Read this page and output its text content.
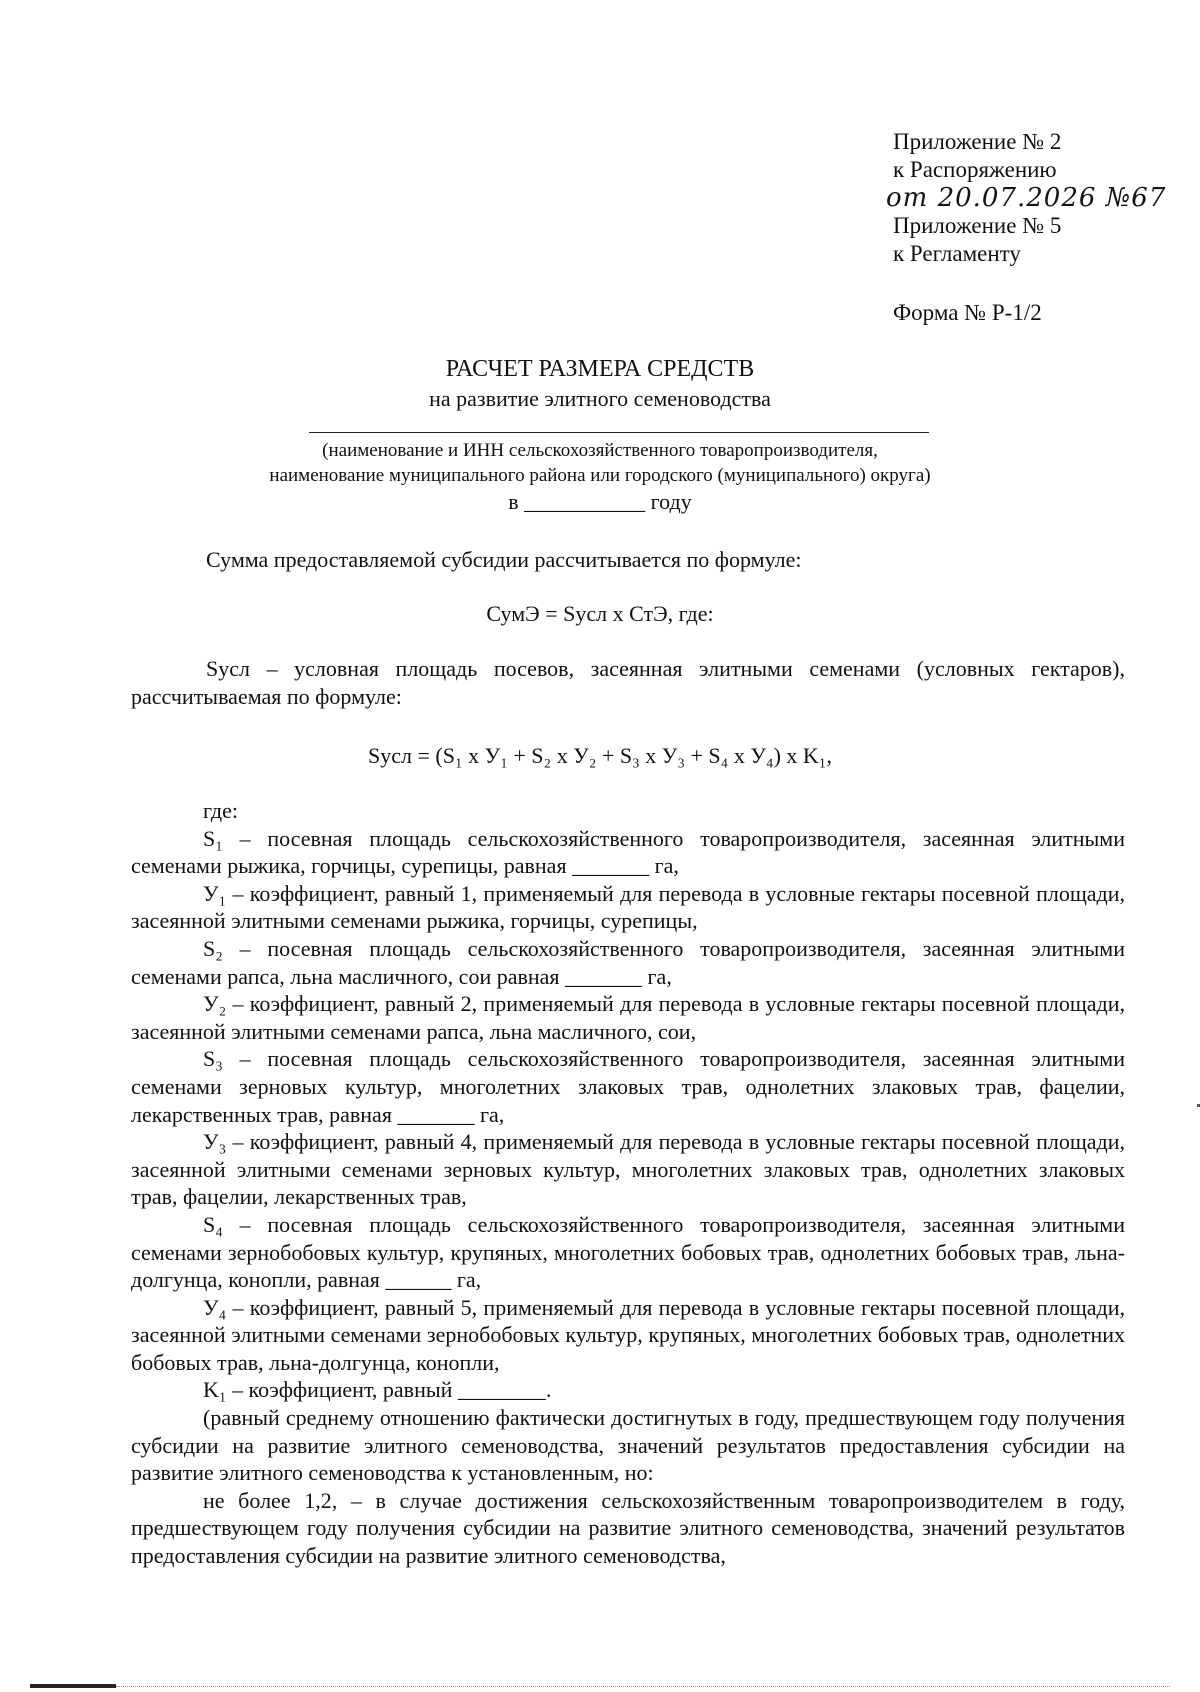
Приложение № 2
к Распоряжению
от 20.07.2026 №67
Приложение № 5
к Регламенту
Форма № Р-1/2
РАСЧЕТ РАЗМЕРА СРЕДСТВ
на развитие элитного семеноводства
(наименование и ИНН сельскохозяйственного товаропроизводителя,
наименование муниципального района или городского (муниципального) округа)
в ___________ году

Сумма предоставляемой субсидии рассчитывается по формуле:

СумЭ = Sусл х СтЭ, где:

Sусл – условная площадь посевов, засеянная элитными семенами (условных гектаров), рассчитываемая по формуле:

Sусл = (S₁ х У₁ + S₂ х У₂ + S₃ х У₃ + S₄ х У₄) х K₁,

где:

S₁ – посевная площадь сельскохозяйственного товаропроизводителя, засеянная элитными семенами рыжика, горчицы, сурепицы, равная _______ га,

У₁ – коэффициент, равный 1, применяемый для перевода в условные гектары посевной площади, засеянной элитными семенами рыжика, горчицы, сурепицы,

S₂ – посевная площадь сельскохозяйственного товаропроизводителя, засеянная элитными семенами рапса, льна масличного, сои равная _______ га,

У₂ – коэффициент, равный 2, применяемый для перевода в условные гектары посевной площади, засеянной элитными семенами рапса, льна масличного, сои,

S₃ – посевная площадь сельскохозяйственного товаропроизводителя, засеянная элитными семенами зерновых культур, многолетних злаковых трав, однолетних злаковых трав, фацелии, лекарственных трав, равная _______ га,

У₃ – коэффициент, равный 4, применяемый для перевода в условные гектары посевной площади, засеянной элитными семенами зерновых культур, многолетних злаковых трав, однолетних злаковых трав, фацелии, лекарственных трав,

S₄ – посевная площадь сельскохозяйственного товаропроизводителя, засеянная элитными семенами зернобобовых культур, крупяных, многолетних бобовых трав, однолетних бобовых трав, льна-долгунца, конопли, равная ______ га,

У₄ – коэффициент, равный 5, применяемый для перевода в условные гектары посевной площади, засеянной элитными семенами зернобобовых культур, крупяных, многолетних бобовых трав, однолетних бобовых трав, льна-долгунца, конопли,

K₁ – коэффициент, равный ________.

(равный среднему отношению фактически достигнутых в году, предшествующем году получения субсидии на развитие элитного семеноводства, значений результатов предоставления субсидии на развитие элитного семеноводства к установленным, но:

не более 1,2, – в случае достижения сельскохозяйственным товаропроизводителем в году, предшествующем году получения субсидии на развитие элитного семеноводства, значений результатов предоставления субсидии на развитие элитного семеноводства,
